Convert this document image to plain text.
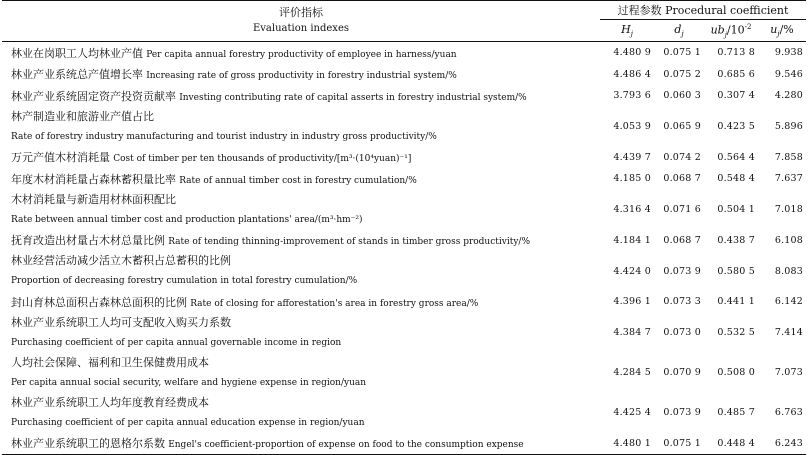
评价指标
Evaluation indexes	过程参数 Procedural coefficient			
	$H_j$	$d_j$	$ub_j/10^{-2}$	$u_j/\%$
林业在岗职工人均林业产值 Per capita annual forestry productivity of employee in harness/yuan	4.480 9	0.075 1	0.713 8	9.938
林业产业系统总产值增长率 Increasing rate of gross productivity in forestry industrial system/%	4.486 4	0.075 2	0.685 6	9.546
林业产业系统固定资产投资贡献率 Investing contributing rate of capital asserts in forestry industrial system/%	3.793 6	0.060 3	0.307 4	4.280
林产制造业和旅游业产值占比
Rate of forestry industry manufacturing and tourist industry in industry gross productivity/%	4.053 9	0.065 9	0.423 5	5.896
万元产值木材消耗量 Cost of timber per ten thousands of productivity/[m³·(10⁴yuan)⁻¹]	4.439 7	0.074 2	0.564 4	7.858
年度木材消耗量占森林蓄积量比率 Rate of annual timber cost in forestry cumulation/%	4.185 0	0.068 7	0.548 4	7.637
木材消耗量与新造用材林面积配比
Rate between annual timber cost and production plantations' area/(m³·hm⁻²)	4.316 4	0.071 6	0.504 1	7.018
抚育改造出材量占木材总量比例 Rate of tending thinning-improvement of stands in timber gross productivity/%	4.184 1	0.068 7	0.438 7	6.108
林业经营活动减少活立木蓄积占总蓄积的比例
Proportion of decreasing forestry cumulation in total forestry cumulation/%	4.424 0	0.073 9	0.580 5	8.083
封山育林总面积占森林总面积的比例 Rate of closing for afforestation's area in forestry gross area/%	4.396 1	0.073 3	0.441 1	6.142
林业产业系统职工人均可支配收入购买力系数
Purchasing coefficient of per capita annual governable income in region	4.384 7	0.073 0	0.532 5	7.414
人均社会保障、福利和卫生保健费用成本
Per capita annual social security, welfare and hygiene expense in region/yuan	4.284 5	0.070 9	0.508 0	7.073
林业产业系统职工人均年度教育经费成本
Purchasing coefficient of per capita annual education expense in region/yuan	4.425 4	0.073 9	0.485 7	6.763
林业产业系统职工的恩格尔系数 Engel's coefficient-proportion of expense on food to the consumption expense	4.480 1	0.075 1	0.448 4	6.243
